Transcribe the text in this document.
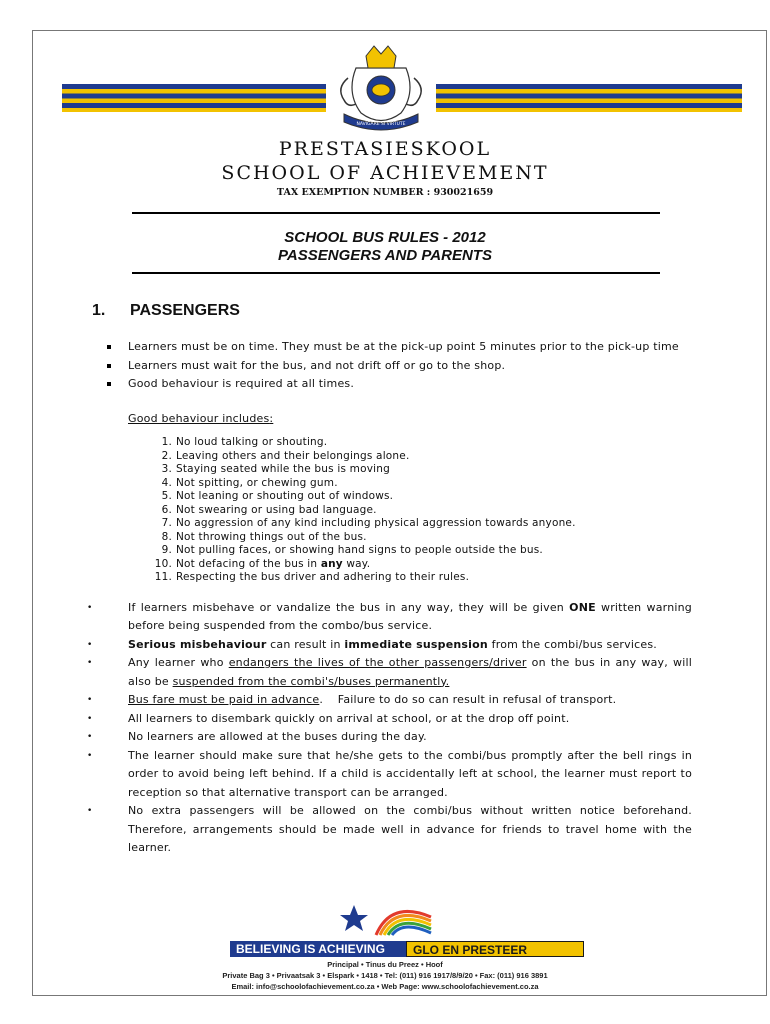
NAVIGARE SI VIRTUTE
PRESTASIESKOOL
SCHOOL OF ACHIEVEMENT
TAX EXEMPTION NUMBER : 930021659
SCHOOL BUS RULES - 2012
PASSENGERS AND PARENTS
1. PASSENGERS
Learners must be on time. They must be at the pick-up point 5 minutes prior to the pick-up time
Learners must wait for the bus, and not drift off or go to the shop.
Good behaviour is required at all times.
Good behaviour includes:
1. No loud talking or shouting.
2. Leaving others and their belongings alone.
3. Staying seated while the bus is moving
4. Not spitting, or chewing gum.
5. Not leaning or shouting out of windows.
6. Not swearing or using bad language.
7. No aggression of any kind including physical aggression towards anyone.
8. Not throwing things out of the bus.
9. Not pulling faces, or showing hand signs to people outside the bus.
10. Not defacing of the bus in any way.
11. Respecting the bus driver and adhering to their rules.
• If learners misbehave or vandalize the bus in any way, they will be given ONE written warning before being suspended from the combo/bus service.
• Serious misbehaviour can result in immediate suspension from the combi/bus services.
• Any learner who endangers the lives of the other passengers/driver on the bus in any way, will also be suspended from the combi's/buses permanently.
• Bus fare must be paid in advance.    Failure to do so can result in refusal of transport.
• All learners to disembark quickly on arrival at school, or at the drop off point.
• No learners are allowed at the buses during the day.
• The learner should make sure that he/she gets to the combi/bus promptly after the bell rings in order to avoid being left behind. If a child is accidentally left at school, the learner must report to reception so that alternative transport can be arranged.
• No extra passengers will be allowed on the combi/bus without written notice beforehand. Therefore, arrangements should be made well in advance for friends to travel home with the learner.
BELIEVING IS ACHIEVING	GLO EN PRESTEER
Principal • Tinus du Preez • Hoof
Private Bag 3 • Privaatsak 3 • Elspark • 1418 • Tel: (011) 916 1917/8/9/20 • Fax: (011) 916 3891
Email: info@schoolofachievement.co.za • Web Page: www.schoolofachievement.co.za
